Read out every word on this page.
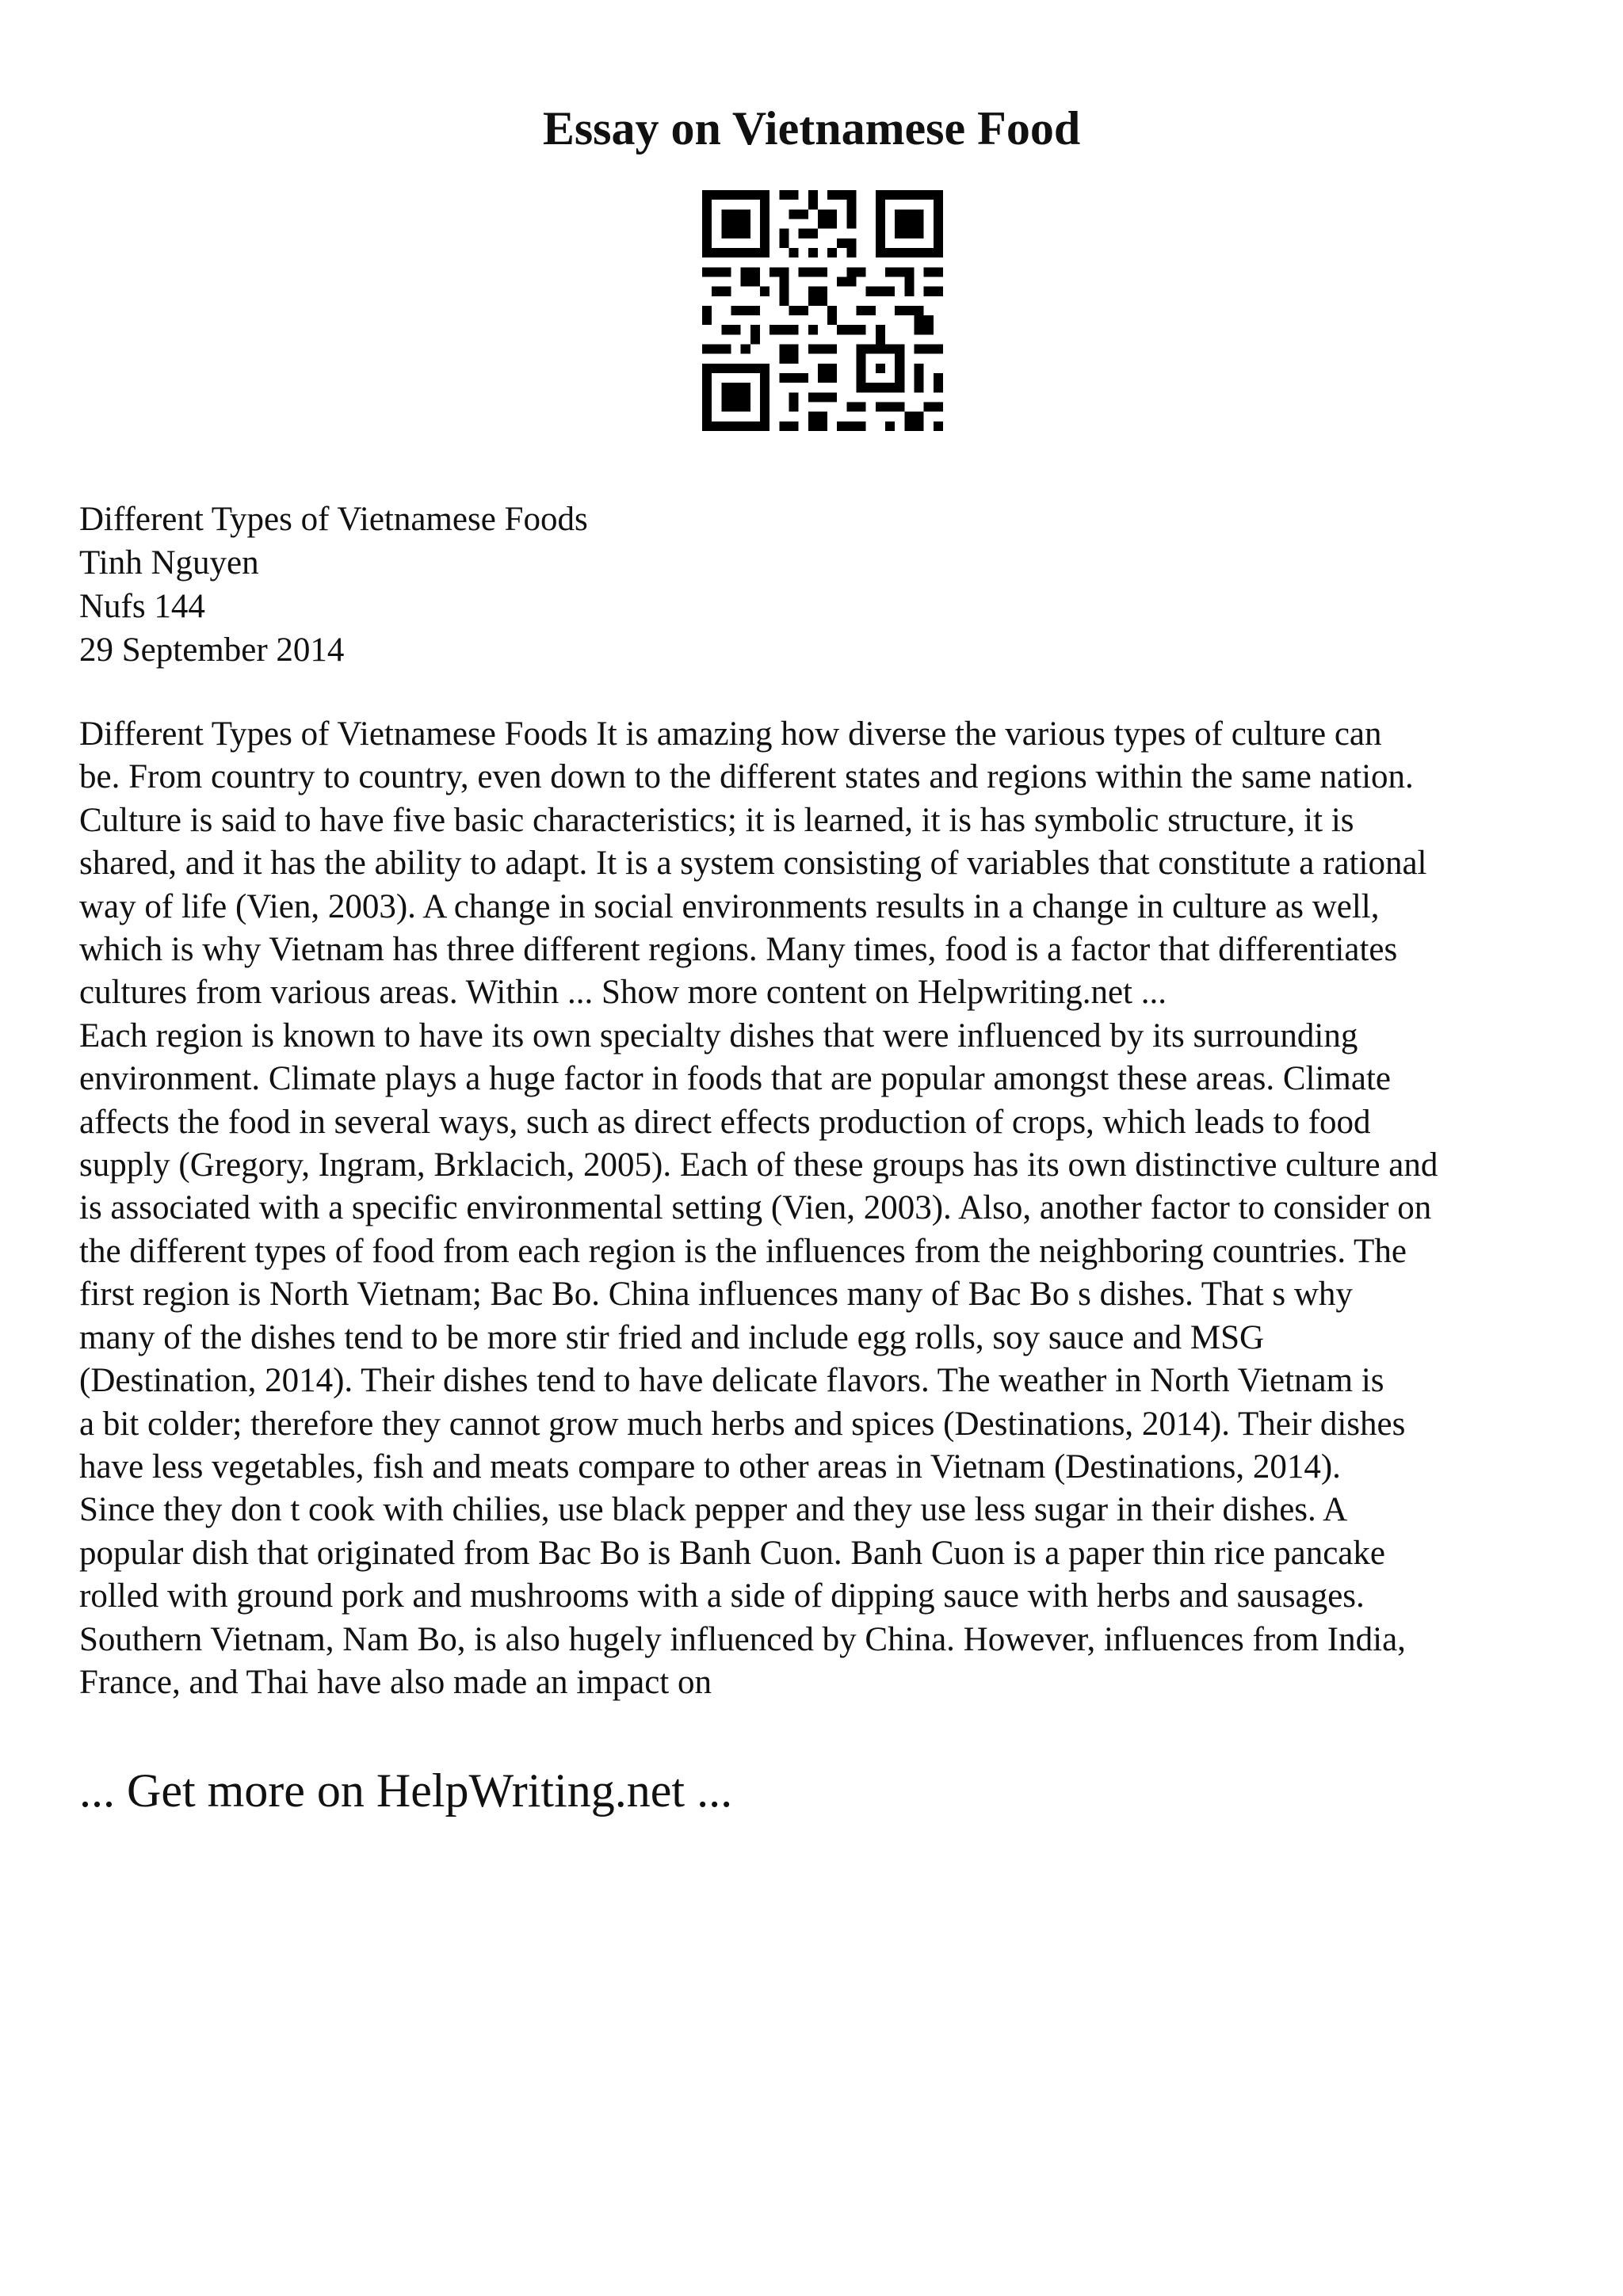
Essay on Vietnamese Food
Different Types of Vietnamese Foods
Tinh Nguyen
Nufs 144
29 September 2014
Different Types of Vietnamese Foods It is amazing how diverse the various types of culture can
be. From country to country, even down to the different states and regions within the same nation.
Culture is said to have five basic characteristics; it is learned, it is has symbolic structure, it is
shared, and it has the ability to adapt. It is a system consisting of variables that constitute a rational
way of life (Vien, 2003). A change in social environments results in a change in culture as well,
which is why Vietnam has three different regions. Many times, food is a factor that differentiates
cultures from various areas. Within ... Show more content on Helpwriting.net ...
Each region is known to have its own specialty dishes that were influenced by its surrounding
environment. Climate plays a huge factor in foods that are popular amongst these areas. Climate
affects the food in several ways, such as direct effects production of crops, which leads to food
supply (Gregory, Ingram, Brklacich, 2005). Each of these groups has its own distinctive culture and
is associated with a specific environmental setting (Vien, 2003). Also, another factor to consider on
the different types of food from each region is the influences from the neighboring countries. The
first region is North Vietnam; Bac Bo. China influences many of Bac Bo s dishes. That s why
many of the dishes tend to be more stir fried and include egg rolls, soy sauce and MSG
(Destination, 2014). Their dishes tend to have delicate flavors. The weather in North Vietnam is
a bit colder; therefore they cannot grow much herbs and spices (Destinations, 2014). Their dishes
have less vegetables, fish and meats compare to other areas in Vietnam (Destinations, 2014).
Since they don t cook with chilies, use black pepper and they use less sugar in their dishes. A
popular dish that originated from Bac Bo is Banh Cuon. Banh Cuon is a paper thin rice pancake
rolled with ground pork and mushrooms with a side of dipping sauce with herbs and sausages.
Southern Vietnam, Nam Bo, is also hugely influenced by China. However, influences from India,
France, and Thai have also made an impact on
... Get more on HelpWriting.net ...
